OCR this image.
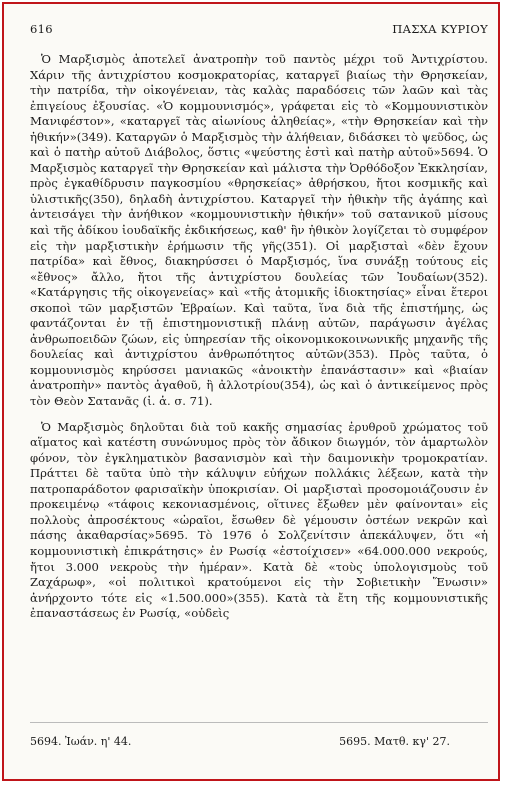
616	ΠΑΣΧΑ ΚΥΡΙΟΥ

Ὁ Μαρξισμὸς ἀποτελεῖ ἀνατροπὴν τοῦ παντὸς μέχρι τοῦ Ἀντιχρίστου. Χάριν τῆς ἀντιχρίστου κοσμοκρατορίας, καταργεῖ βιαίως τὴν Θρησκείαν, τὴν πατρίδα, τὴν οἰκογένειαν, τὰς καλὰς παραδόσεις τῶν λαῶν καὶ τὰς ἐπιγείους ἐξουσίας. «Ὁ κομμουνισμός», γράφεται εἰς τὸ «Κομμουνιστικὸν Μανιφέστον», «καταργεῖ τὰς αἰωνίους ἀληθείας», «τὴν Θρησκείαν καὶ τὴν ἠθικήν»(349). Καταργῶν ὁ Μαρξισμὸς τὴν ἀλήθειαν, διδάσκει τὸ ψεῦδος, ὡς καὶ ὁ πατὴρ αὐτοῦ Διάβολος, ὅστις «ψεύστης ἐστὶ καὶ πατὴρ αὐτοῦ»5694. Ὁ Μαρξισμὸς καταργεῖ τὴν Θρησκείαν καὶ μάλιστα τὴν Ὀρθόδοξον Ἐκκλησίαν, πρὸς ἐγκαθίδρυσιν παγκοσμίου «θρησκείας» ἀθρήσκου, ἤτοι κοσμικῆς καὶ ὑλιστικῆς(350), δηλαδὴ ἀντιχρίστου. Καταργεῖ τὴν ἠθικὴν τῆς ἀγάπης καὶ ἀντεισάγει τὴν ἀνήθικον «κομμουνιστικὴν ἠθικήν» τοῦ σατανικοῦ μίσους καὶ τῆς ἀδίκου ἰουδαϊκῆς ἐκδικήσεως, καθ' ἣν ἠθικὸν λογίζεται τὸ συμφέρον εἰς τὴν μαρξιστικὴν ἐρήμωσιν τῆς γῆς(351). Οἱ μαρξισταὶ «δὲν ἔχουν πατρίδα» καὶ ἔθνος, διακηρύσσει ὁ Μαρξισμός, ἵνα συνάξῃ τούτους εἰς «ἔθνος» ἄλλο, ἤτοι τῆς ἀντιχρίστου δουλείας τῶν Ἰουδαίων(352). «Κατάργησις τῆς οἰκογενείας» καὶ «τῆς ἀτομικῆς ἰδιοκτησίας» εἶναι ἕτεροι σκοποὶ τῶν μαρξιστῶν Ἑβραίων. Καὶ ταῦτα, ἵνα διὰ τῆς ἐπιστήμης, ὡς φαντάζονται ἐν τῇ ἐπιστημονιστικῇ πλάνῃ αὐτῶν, παράγωσιν ἀγέλας ἀνθρωποειδῶν ζώων, εἰς ὑπηρεσίαν τῆς οἰκονομικοκοινωνικῆς μηχανῆς τῆς δουλείας καὶ ἀντιχρίστου ἀνθρωπότητος αὐτῶν(353). Πρὸς ταῦτα, ὁ κομμουνισμὸς κηρύσσει μανιακῶς «ἀνοικτὴν ἐπανάστασιν» καὶ «βιαίαν ἀνατροπὴν» παντὸς ἀγαθοῦ, ἢ ἀλλοτρίου(354), ὡς καὶ ὁ ἀντικείμενος πρὸς τὸν Θεὸν Σατανᾶς (ἰ. ἁ. σ. 71).

Ὁ Μαρξισμὸς δηλοῦται διὰ τοῦ κακῆς σημασίας ἐρυθροῦ χρώματος τοῦ αἵματος καὶ κατέστη συνώνυμος πρὸς τὸν ἄδικον διωγμόν, τὸν ἁμαρτωλὸν φόνον, τὸν ἐγκληματικὸν βασανισμὸν καὶ τὴν δαιμονικὴν τρομοκρατίαν. Πράττει δὲ ταῦτα ὑπὸ τὴν κάλυψιν εὐήχων πολλάκις λέξεων, κατὰ τὴν πατροπαράδοτον φαρισαϊκὴν ὑποκρισίαν. Οἱ μαρξισταὶ προσομοιάζουσιν ἐν προκειμένῳ «τάφοις κεκονιασμένοις, οἵτινες ἔξωθεν μὲν φαίνονται» εἰς πολλοὺς ἀπροσέκτους «ὡραῖοι, ἔσωθεν δὲ γέμουσιν ὀστέων νεκρῶν καὶ πάσης ἀκαθαρσίας»5695. Τὸ 1976 ὁ Σολζενίτσιν ἀπεκάλυψεν, ὅτι «ἡ κομμουνιστικὴ ἐπικράτησις» ἐν Ρωσίᾳ «ἐστοίχισεν» «64.000.000 νεκρούς, ἤτοι 3.000 νεκροὺς τὴν ἡμέραν». Κατὰ δὲ «τοὺς ὑπολογισμοὺς τοῦ Ζαχάρωφ», «οἱ πολιτικοὶ κρατούμενοι εἰς τὴν Σοβιετικὴν Ἕνωσιν» ἀνήρχοντο τότε εἰς «1.500.000»(355). Κατὰ τὰ ἔτη τῆς κομμουνιστικῆς ἐπαναστάσεως ἐν Ρωσίᾳ, «οὐδεὶς

5694. Ἰωάν. η' 44.	5695. Ματθ. κγ' 27.
